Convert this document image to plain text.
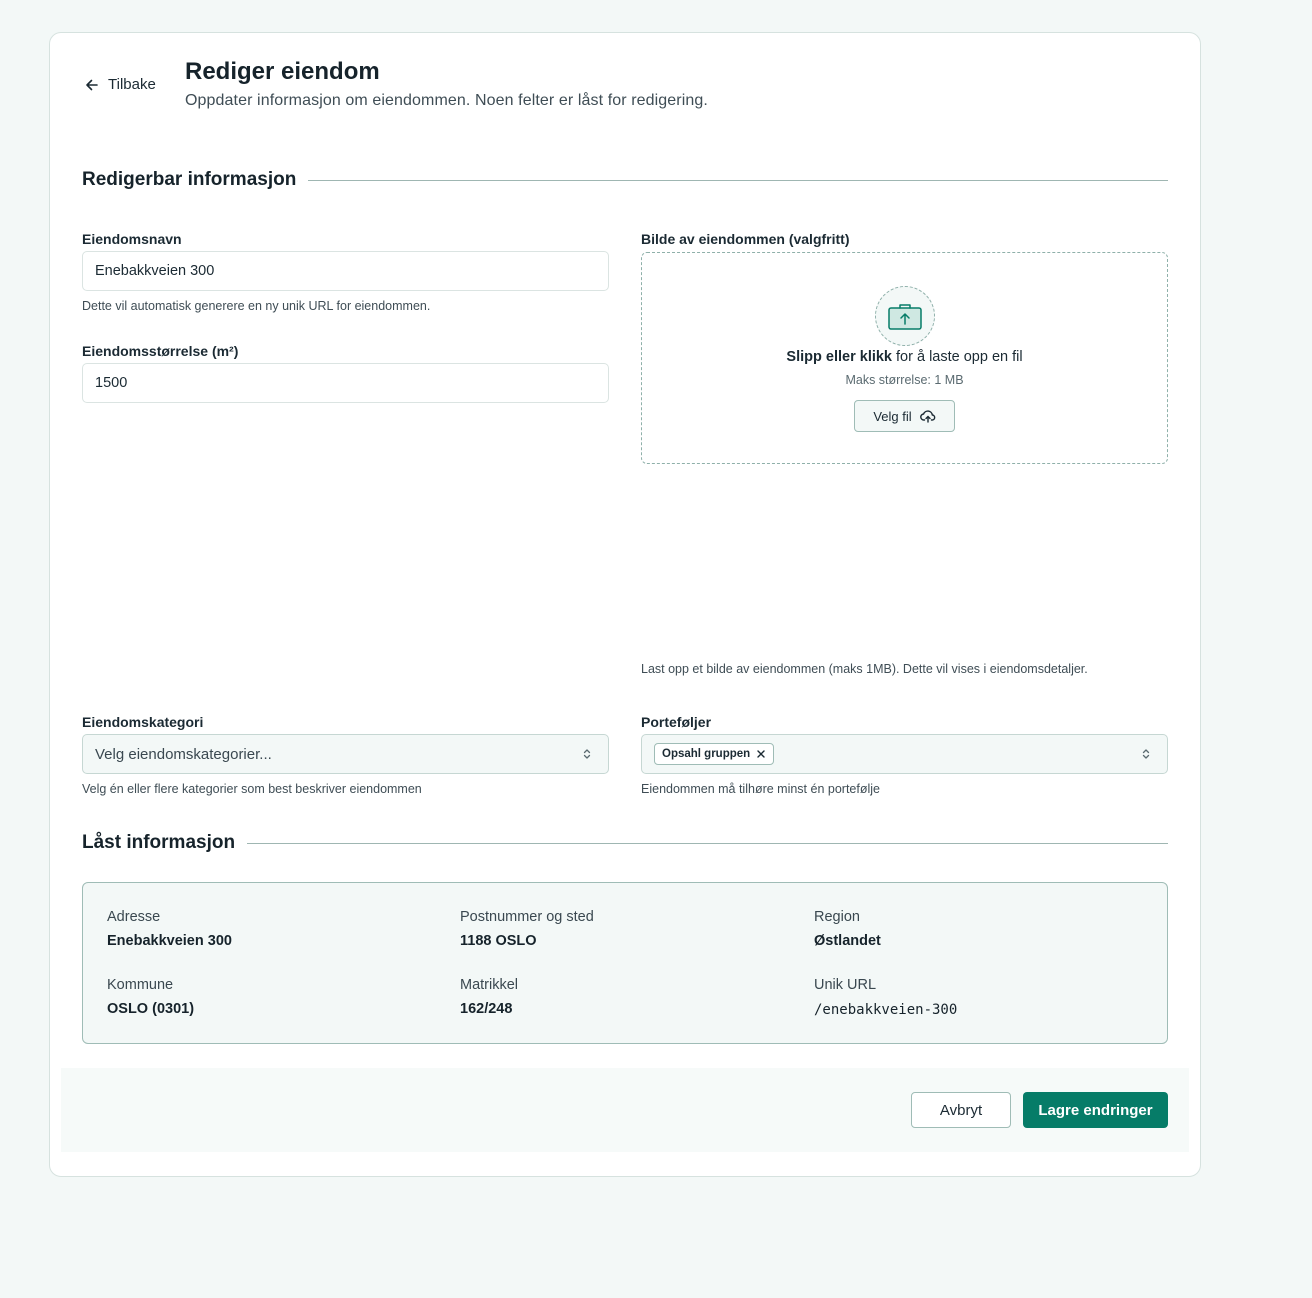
Tilbake Rediger eiendom
Oppdater informasjon om eiendommen. Noen felter er låst for redigering.
Redigerbar informasjon
Eiendomsnavn
Enebakkveien 300
Dette vil automatisk generere en ny unik URL for eiendommen.
Eiendomsstørrelse (m²)
1500
Bilde av eiendommen (valgfritt)
Slipp eller klikk for å laste opp en fil
Maks størrelse: 1 MB
Velg fil
Last opp et bilde av eiendommen (maks 1MB). Dette vil vises i eiendomsdetaljer.
Eiendomskategori
Velg eiendomskategorier...
Velg én eller flere kategorier som best beskriver eiendommen
Porteføljer
Opsahl gruppen
Eiendommen må tilhøre minst én portefølje
Låst informasjon
Adresse
Enebakkveien 300
Postnummer og sted
1188 OSLO
Region
Østlandet
Kommune
OSLO (0301)
Matrikkel
162/248
Unik URL
/enebakkveien-300
Avbryt	Lagre endringer
